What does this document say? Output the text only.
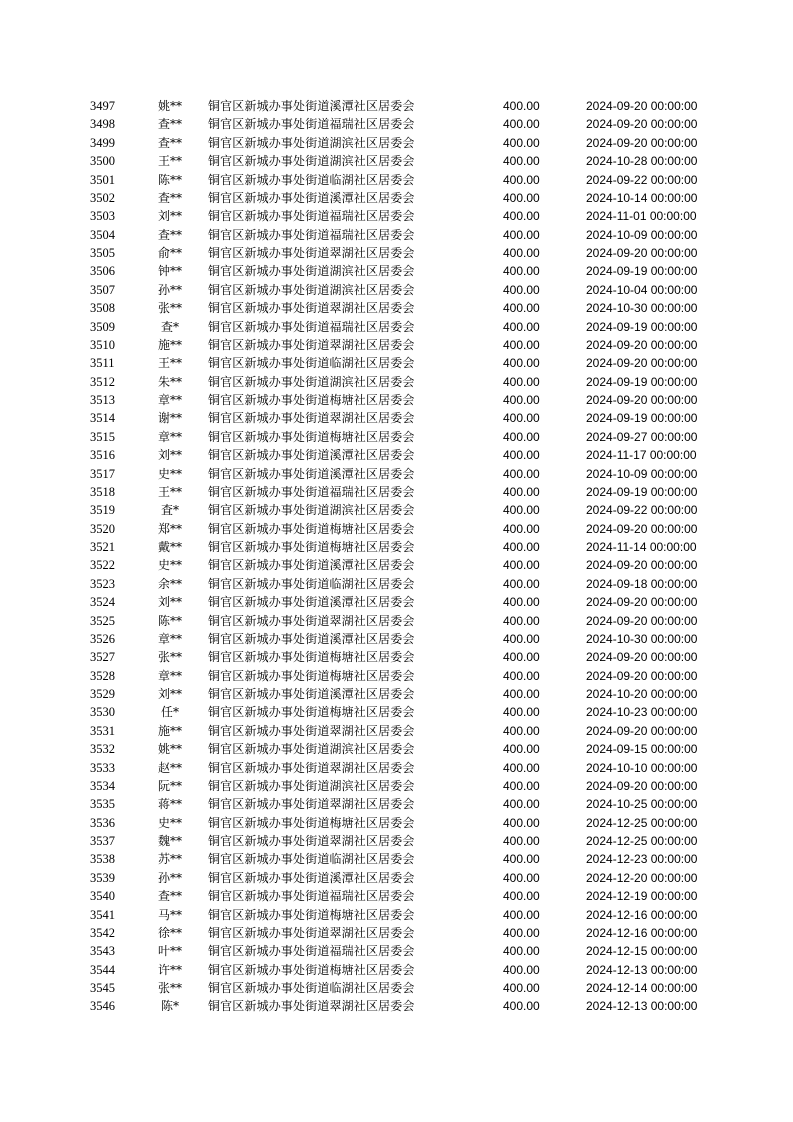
3497	姚**	铜官区新城办事处街道溪潭社区居委会	400.00	2024-09-20 00:00:00
3498	查**	铜官区新城办事处街道福瑞社区居委会	400.00	2024-09-20 00:00:00
3499	查**	铜官区新城办事处街道湖滨社区居委会	400.00	2024-09-20 00:00:00
3500	王**	铜官区新城办事处街道湖滨社区居委会	400.00	2024-10-28 00:00:00
3501	陈**	铜官区新城办事处街道临湖社区居委会	400.00	2024-09-22 00:00:00
3502	查**	铜官区新城办事处街道溪潭社区居委会	400.00	2024-10-14 00:00:00
3503	刘**	铜官区新城办事处街道福瑞社区居委会	400.00	2024-11-01 00:00:00
3504	查**	铜官区新城办事处街道福瑞社区居委会	400.00	2024-10-09 00:00:00
3505	俞**	铜官区新城办事处街道翠湖社区居委会	400.00	2024-09-20 00:00:00
3506	钟**	铜官区新城办事处街道湖滨社区居委会	400.00	2024-09-19 00:00:00
3507	孙**	铜官区新城办事处街道湖滨社区居委会	400.00	2024-10-04 00:00:00
3508	张**	铜官区新城办事处街道翠湖社区居委会	400.00	2024-10-30 00:00:00
3509	查*	铜官区新城办事处街道福瑞社区居委会	400.00	2024-09-19 00:00:00
3510	施**	铜官区新城办事处街道翠湖社区居委会	400.00	2024-09-20 00:00:00
3511	王**	铜官区新城办事处街道临湖社区居委会	400.00	2024-09-20 00:00:00
3512	朱**	铜官区新城办事处街道湖滨社区居委会	400.00	2024-09-19 00:00:00
3513	章**	铜官区新城办事处街道梅塘社区居委会	400.00	2024-09-20 00:00:00
3514	谢**	铜官区新城办事处街道翠湖社区居委会	400.00	2024-09-19 00:00:00
3515	章**	铜官区新城办事处街道梅塘社区居委会	400.00	2024-09-27 00:00:00
3516	刘**	铜官区新城办事处街道溪潭社区居委会	400.00	2024-11-17 00:00:00
3517	史**	铜官区新城办事处街道溪潭社区居委会	400.00	2024-10-09 00:00:00
3518	王**	铜官区新城办事处街道福瑞社区居委会	400.00	2024-09-19 00:00:00
3519	査*	铜官区新城办事处街道湖滨社区居委会	400.00	2024-09-22 00:00:00
3520	郑**	铜官区新城办事处街道梅塘社区居委会	400.00	2024-09-20 00:00:00
3521	戴**	铜官区新城办事处街道梅塘社区居委会	400.00	2024-11-14 00:00:00
3522	史**	铜官区新城办事处街道溪潭社区居委会	400.00	2024-09-20 00:00:00
3523	余**	铜官区新城办事处街道临湖社区居委会	400.00	2024-09-18 00:00:00
3524	刘**	铜官区新城办事处街道溪潭社区居委会	400.00	2024-09-20 00:00:00
3525	陈**	铜官区新城办事处街道翠湖社区居委会	400.00	2024-09-20 00:00:00
3526	章**	铜官区新城办事处街道溪潭社区居委会	400.00	2024-10-30 00:00:00
3527	张**	铜官区新城办事处街道梅塘社区居委会	400.00	2024-09-20 00:00:00
3528	章**	铜官区新城办事处街道梅塘社区居委会	400.00	2024-09-20 00:00:00
3529	刘**	铜官区新城办事处街道溪潭社区居委会	400.00	2024-10-20 00:00:00
3530	任*	铜官区新城办事处街道梅塘社区居委会	400.00	2024-10-23 00:00:00
3531	施**	铜官区新城办事处街道翠湖社区居委会	400.00	2024-09-20 00:00:00
3532	姚**	铜官区新城办事处街道湖滨社区居委会	400.00	2024-09-15 00:00:00
3533	赵**	铜官区新城办事处街道翠湖社区居委会	400.00	2024-10-10 00:00:00
3534	阮**	铜官区新城办事处街道湖滨社区居委会	400.00	2024-09-20 00:00:00
3535	蒋**	铜官区新城办事处街道翠湖社区居委会	400.00	2024-10-25 00:00:00
3536	史**	铜官区新城办事处街道梅塘社区居委会	400.00	2024-12-25 00:00:00
3537	魏**	铜官区新城办事处街道翠湖社区居委会	400.00	2024-12-25 00:00:00
3538	苏**	铜官区新城办事处街道临湖社区居委会	400.00	2024-12-23 00:00:00
3539	孙**	铜官区新城办事处街道溪潭社区居委会	400.00	2024-12-20 00:00:00
3540	查**	铜官区新城办事处街道福瑞社区居委会	400.00	2024-12-19 00:00:00
3541	马**	铜官区新城办事处街道梅塘社区居委会	400.00	2024-12-16 00:00:00
3542	徐**	铜官区新城办事处街道翠湖社区居委会	400.00	2024-12-16 00:00:00
3543	叶**	铜官区新城办事处街道福瑞社区居委会	400.00	2024-12-15 00:00:00
3544	许**	铜官区新城办事处街道梅塘社区居委会	400.00	2024-12-13 00:00:00
3545	张**	铜官区新城办事处街道临湖社区居委会	400.00	2024-12-14 00:00:00
3546	陈*	铜官区新城办事处街道翠湖社区居委会	400.00	2024-12-13 00:00:00
